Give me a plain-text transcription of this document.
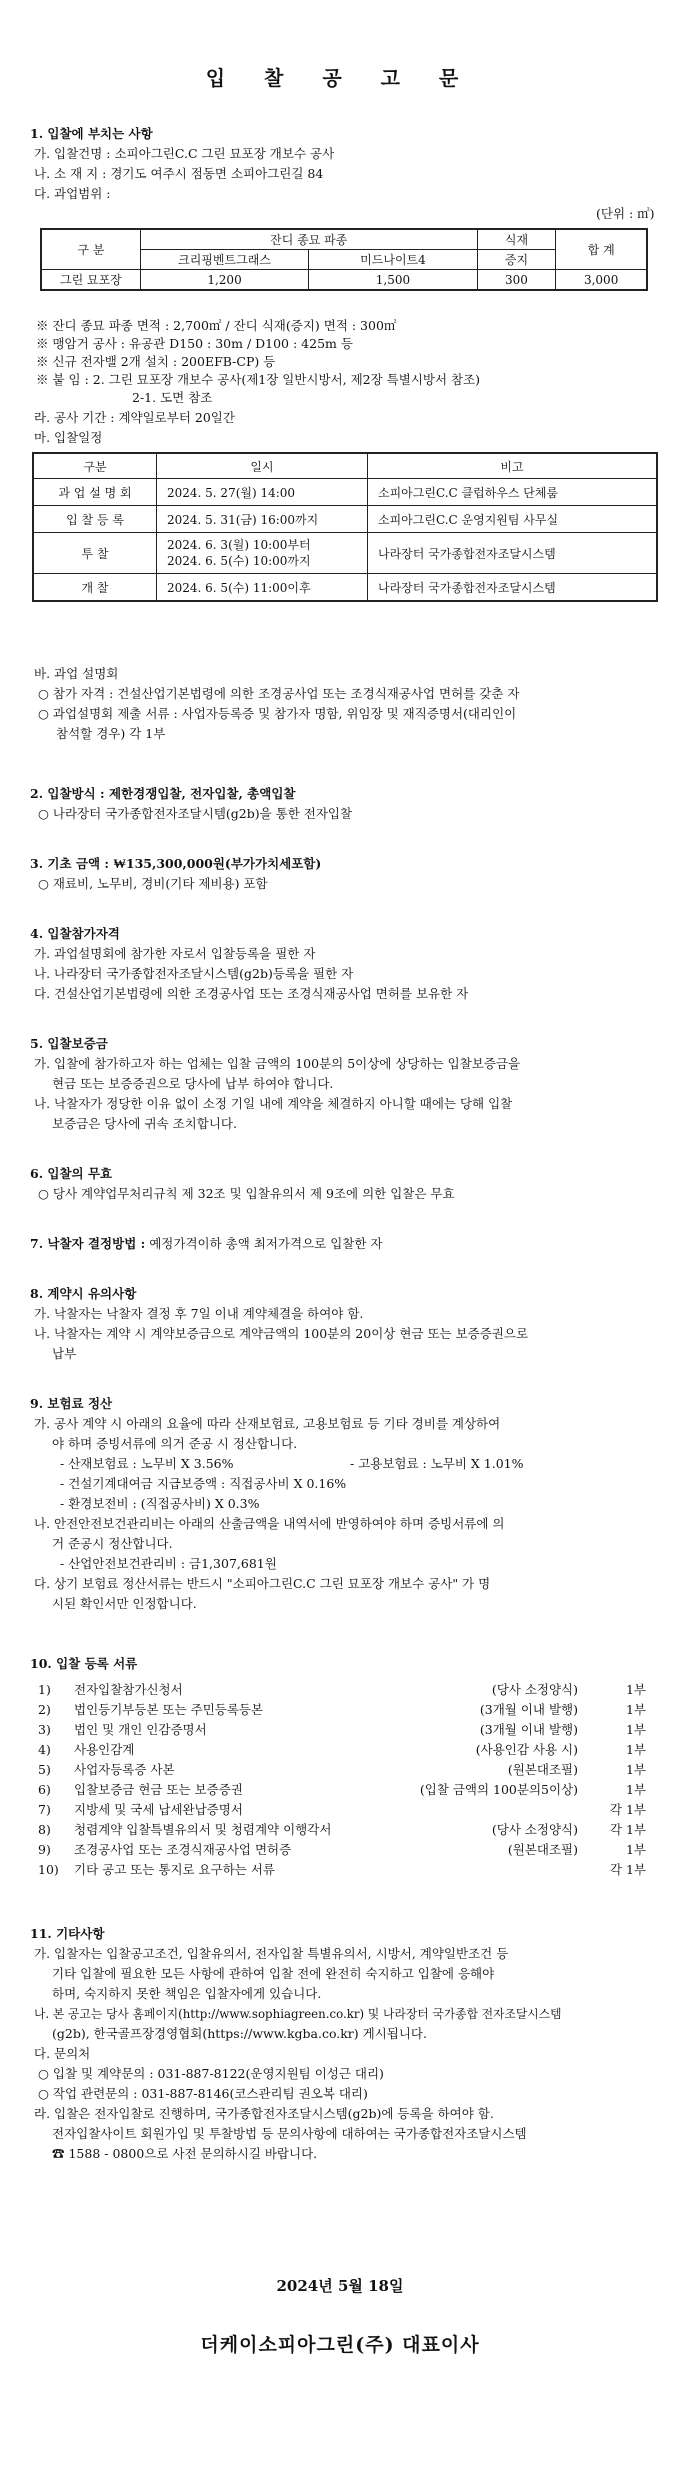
입 찰 공 고 문
1. 입찰에 부치는 사항
가. 입찰건명 : 소피아그린C.C 그린 묘포장 개보수 공사
나. 소 재 지 : 경기도 여주시 점동면 소피아그린길 84
다. 과업범위 :
(단위 : ㎡)
구 분	잔디 종묘 파종		식재	합 계
	크리핑벤트그래스	미드나이트4	증지	
그린 묘포장	1,200	1,500	300	3,000
※ 잔디 종묘 파종 면적 : 2,700㎡ / 잔디 식재(증지) 면적 : 300㎡
※ 맹암거 공사 : 유공관 D150 : 30m / D100 : 425m 등
※ 신규 전자밸 2개 설치 : 200EFB-CP) 등
※ 붙 임 : 2. 그린 묘포장 개보수 공사(제1장 일반시방서, 제2장 특별시방서 참조)
2-1. 도면 참조
라. 공사 기간 : 계약일로부터 20일간
마. 입찰일정
구분	일시	비고
과 업 설 명 회	2024. 5. 27(월) 14:00	소피아그린C.C 클럽하우스 단체룸
입 찰 등 록	2024. 5. 31(금) 16:00까지	소피아그린C.C 운영지원팀 사무실
투 찰	2024. 6. 3(월) 10:00부터
2024. 6. 5(수) 10:00까지	나라장터 국가종합전자조달시스템
개 찰	2024. 6. 5(수) 11:00이후	나라장터 국가종합전자조달시스템
바. 과업 설명회
○ 참가 자격 : 건설산업기본법령에 의한 조경공사업 또는 조경식재공사업 면허를 갖춘 자
○ 과업설명회 제출 서류 : 사업자등록증 및 참가자 명함, 위임장 및 재직증명서(대리인이
참석할 경우) 각 1부
2. 입찰방식 : 제한경쟁입찰, 전자입찰, 총액입찰
○ 나라장터 국가종합전자조달시템(g2b)을 통한 전자입찰
3. 기초 금액 : ₩135,300,000원(부가가치세포함)
○ 재료비, 노무비, 경비(기타 제비용) 포함
4. 입찰참가자격
가. 과업설명회에 참가한 자로서 입찰등록을 필한 자
나. 나라장터 국가종합전자조달시스템(g2b)등록을 필한 자
다. 건설산업기본법령에 의한 조경공사업 또는 조경식재공사업 면허를 보유한 자
5. 입찰보증금
가. 입찰에 참가하고자 하는 업체는 입찰 금액의 100분의 5이상에 상당하는 입찰보증금을
현금 또는 보증증권으로 당사에 납부 하여야 합니다.
나. 낙찰자가 정당한 이유 없이 소정 기일 내에 계약을 체결하지 아니할 때에는 당해 입찰
보증금은 당사에 귀속 조치합니다.
6. 입찰의 무효
○ 당사 계약업무처리규칙 제 32조 및 입찰유의서 제 9조에 의한 입찰은 무효
7. 낙찰자 결정방법 : 예정가격이하 총액 최저가격으로 입찰한 자
8. 계약시 유의사항
가. 낙찰자는 낙찰자 결정 후 7일 이내 계약체결을 하여야 함.
나. 낙찰자는 계약 시 계약보증금으로 계약금액의 100분의 20이상 현금 또는 보증증권으로
납부
9. 보험료 정산
가. 공사 계약 시 아래의 요율에 따라 산재보험료, 고용보험료 등 기타 경비를 계상하여
야 하며 증빙서류에 의거 준공 시 정산합니다.
- 산재보험료 : 노무비 X 3.56%	- 고용보험료 : 노무비 X 1.01%
- 건설기계대여금 지급보증액 : 직접공사비 X 0.16%
- 환경보전비 : (직접공사비) X 0.3%
나. 안전안전보건관리비는 아래의 산출금액을 내역서에 반영하여야 하며 증빙서류에 의
거 준공시 정산합니다.
- 산업안전보건관리비 : 금1,307,681원
다. 상기 보험료 정산서류는 반드시 "소피아그린C.C 그린 묘포장 개보수 공사" 가 명
시된 확인서만 인정합니다.
10. 입찰 등록 서류
1) 전자입찰참가신청서	(당사 소정양식)	1부
2) 법인등기부등본 또는 주민등록등본	(3개월 이내 발행)	1부
3) 법인 및 개인 인감증명서	(3개월 이내 발행)	1부
4) 사용인감계	(사용인감 사용 시)	1부
5) 사업자등록증 사본	(원본대조필)	1부
6) 입찰보증금 현금 또는 보증증권	(입찰 금액의 100분의5이상)	1부
7) 지방세 및 국세 납세완납증명서	각 1부
8) 청렴계약 입찰특별유의서 및 청렴계약 이행각서	(당사 소정양식)	각 1부
9) 조경공사업 또는 조경식재공사업 면허증	(원본대조필)	1부
10) 기타 공고 또는 통지로 요구하는 서류	각 1부
11. 기타사항
가. 입찰자는 입찰공고조건, 입찰유의서, 전자입찰 특별유의서, 시방서, 계약일반조건 등
기타 입찰에 필요한 모든 사항에 관하여 입찰 전에 완전히 숙지하고 입찰에 응해야
하며, 숙지하지 못한 책임은 입찰자에게 있습니다.
나. 본 공고는 당사 홈페이지(http://www.sophiagreen.co.kr) 및 나라장터 국가종합 전자조달시스템
(g2b), 한국골프장경영협회(https://www.kgba.co.kr) 게시됩니다.
다. 문의처
○ 입찰 및 계약문의 : 031-887-8122(운영지원팀 이성근 대리)
○ 작업 관련문의 : 031-887-8146(코스관리팀 권오복 대리)
라. 입찰은 전자입찰로 진행하며, 국가종합전자조달시스템(g2b)에 등록을 하여야 함.
전자입찰사이트 회원가입 및 투찰방법 등 문의사항에 대하여는 국가종합전자조달시스템
☎ 1588 - 0800으로 사전 문의하시길 바랍니다.
2024년 5월 18일
더케이소피아그린(주) 대표이사
